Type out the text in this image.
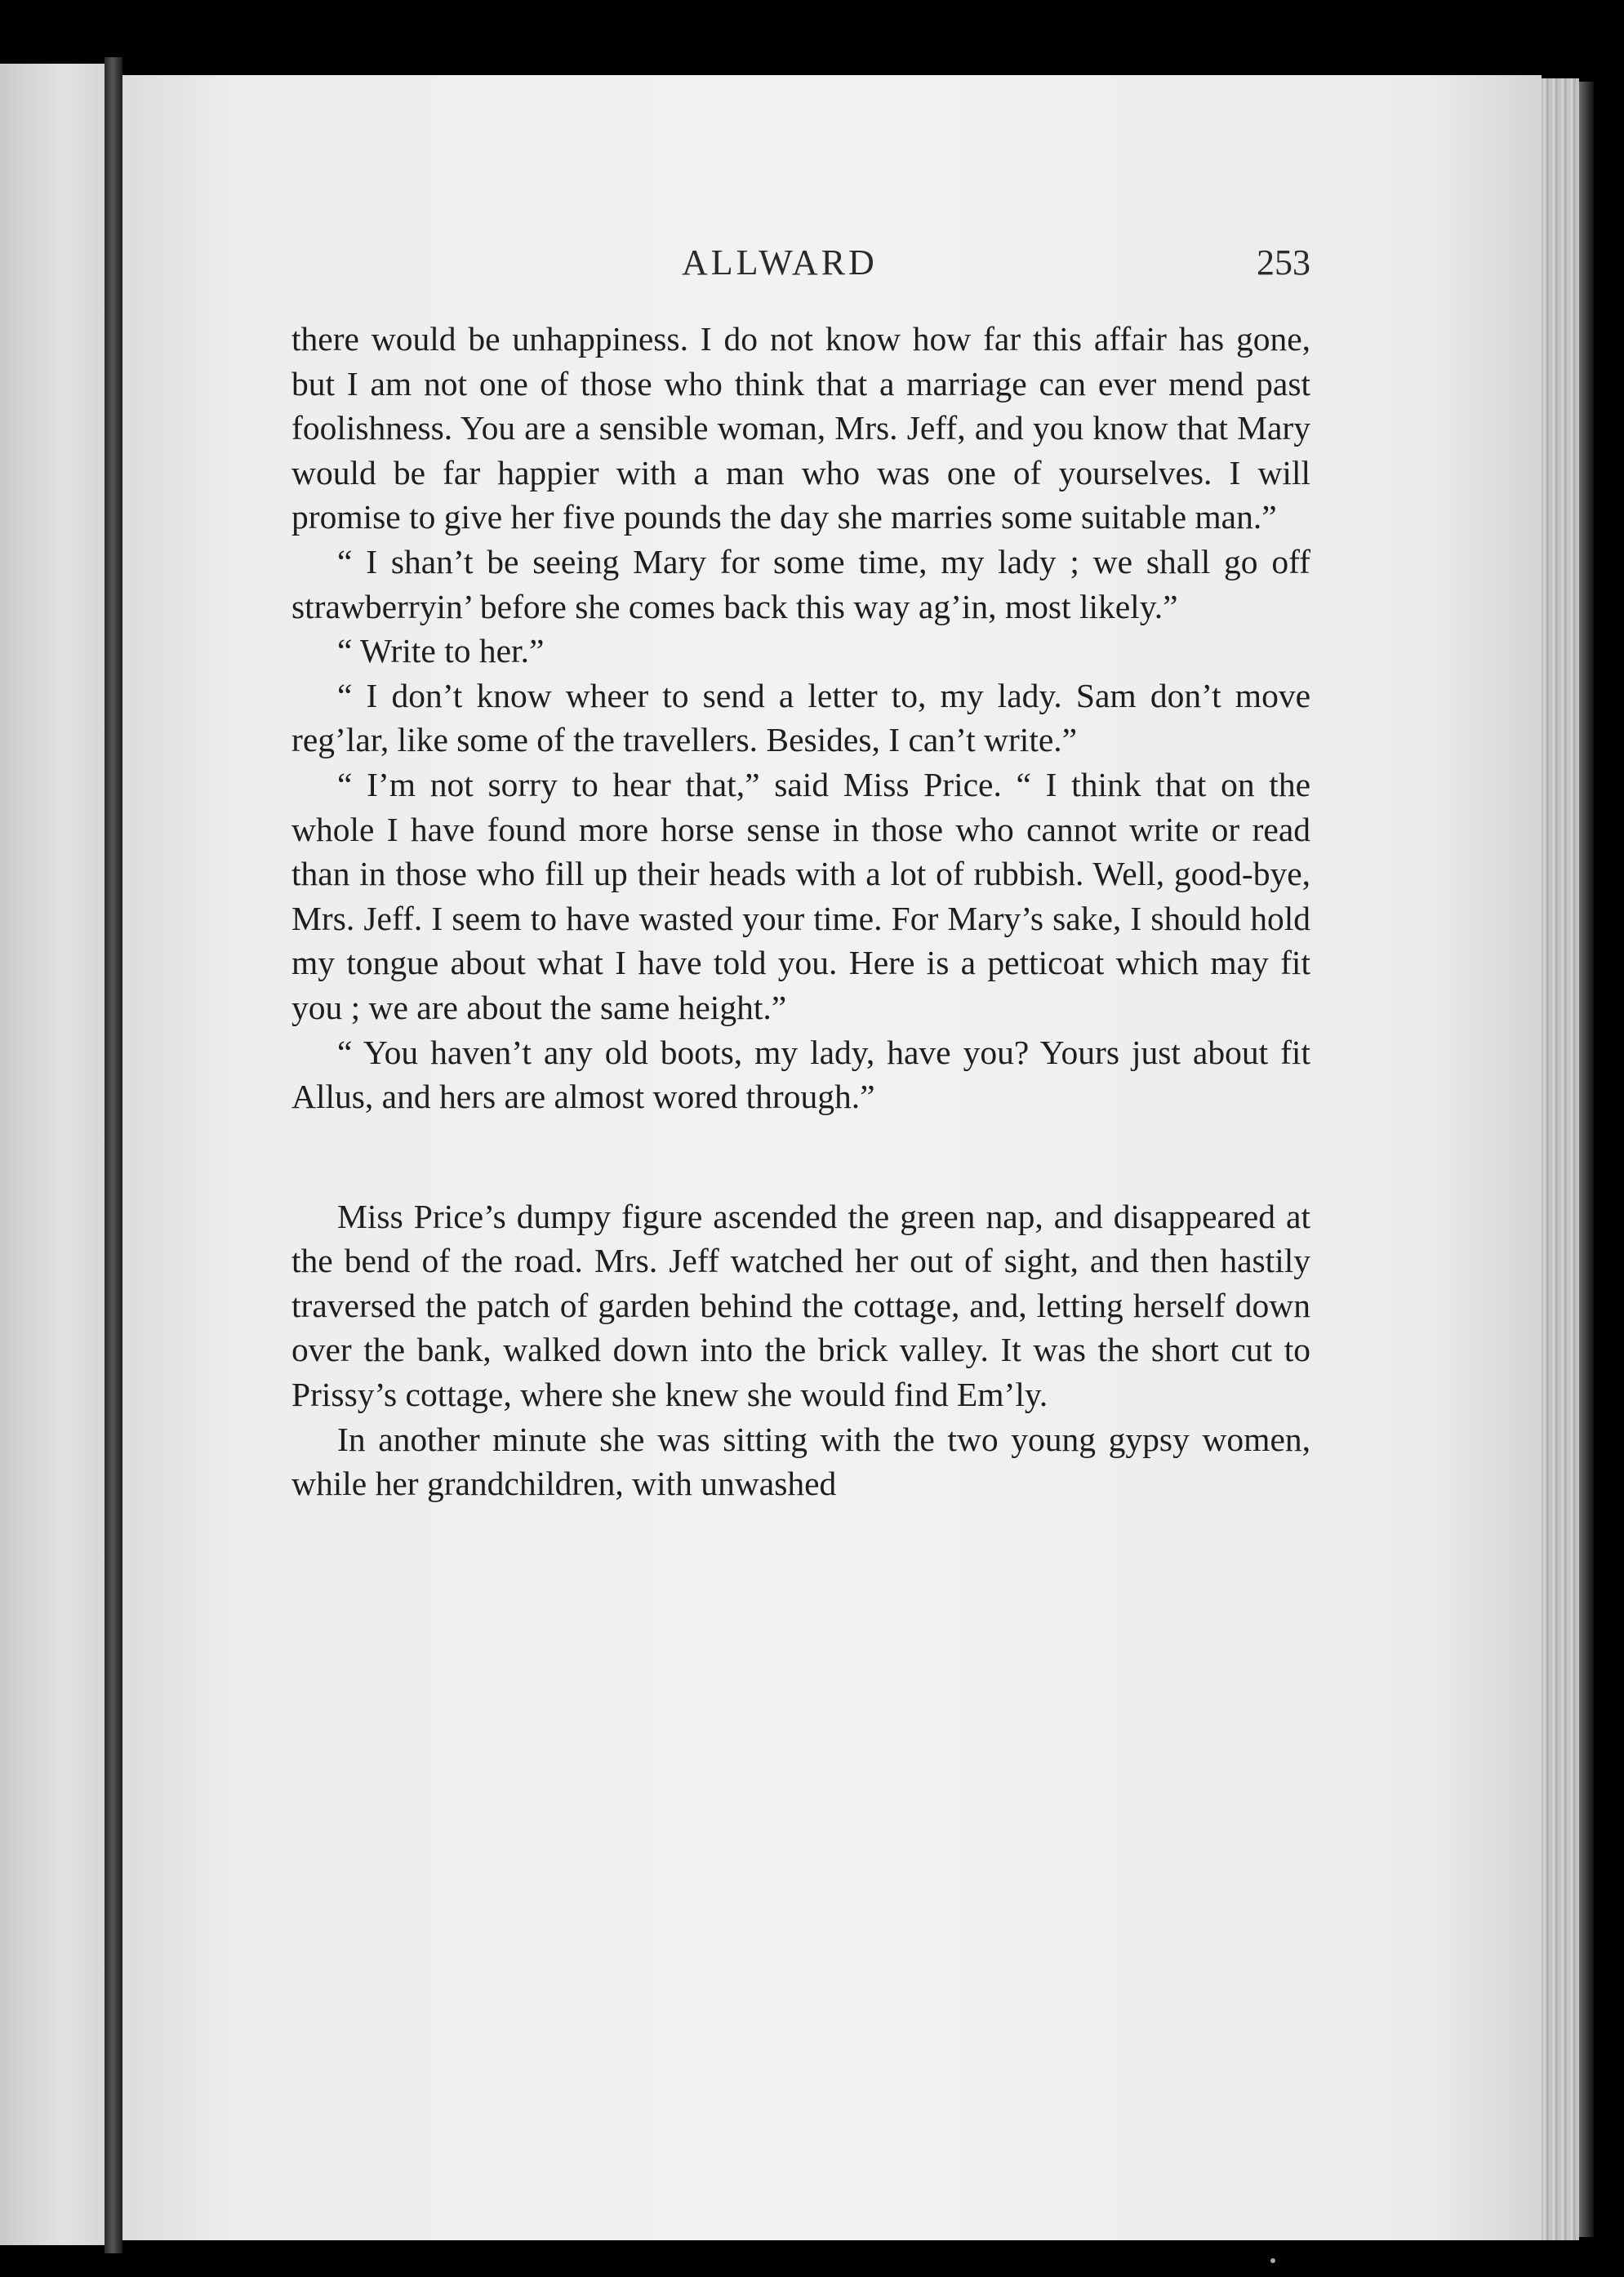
ALLWARD	253

there would be unhappiness. I do not know how far this affair has gone, but I am not one of those who think that a marriage can ever mend past foolishness. You are a sensible woman, Mrs. Jeff, and you know that Mary would be far happier with a man who was one of yourselves. I will promise to give her five pounds the day she marries some suitable man.”

“ I shan’t be seeing Mary for some time, my lady ; we shall go off strawberryin’ before she comes back this way ag’in, most likely.”

“ Write to her.”

“ I don’t know wheer to send a letter to, my lady. Sam don’t move reg’lar, like some of the travellers. Besides, I can’t write.”

“ I’m not sorry to hear that,” said Miss Price. “ I think that on the whole I have found more horse sense in those who cannot write or read than in those who fill up their heads with a lot of rubbish. Well, good-bye, Mrs. Jeff. I seem to have wasted your time. For Mary’s sake, I should hold my tongue about what I have told you. Here is a petticoat which may fit you ; we are about the same height.”

“ You haven’t any old boots, my lady, have you? Yours just about fit Allus, and hers are almost wored through.”

Miss Price’s dumpy figure ascended the green nap, and disappeared at the bend of the road. Mrs. Jeff watched her out of sight, and then hastily traversed the patch of garden behind the cottage, and, letting herself down over the bank, walked down into the brick valley. It was the short cut to Prissy’s cottage, where she knew she would find Em’ly.

In another minute she was sitting with the two young gypsy women, while her grandchildren, with unwashed
